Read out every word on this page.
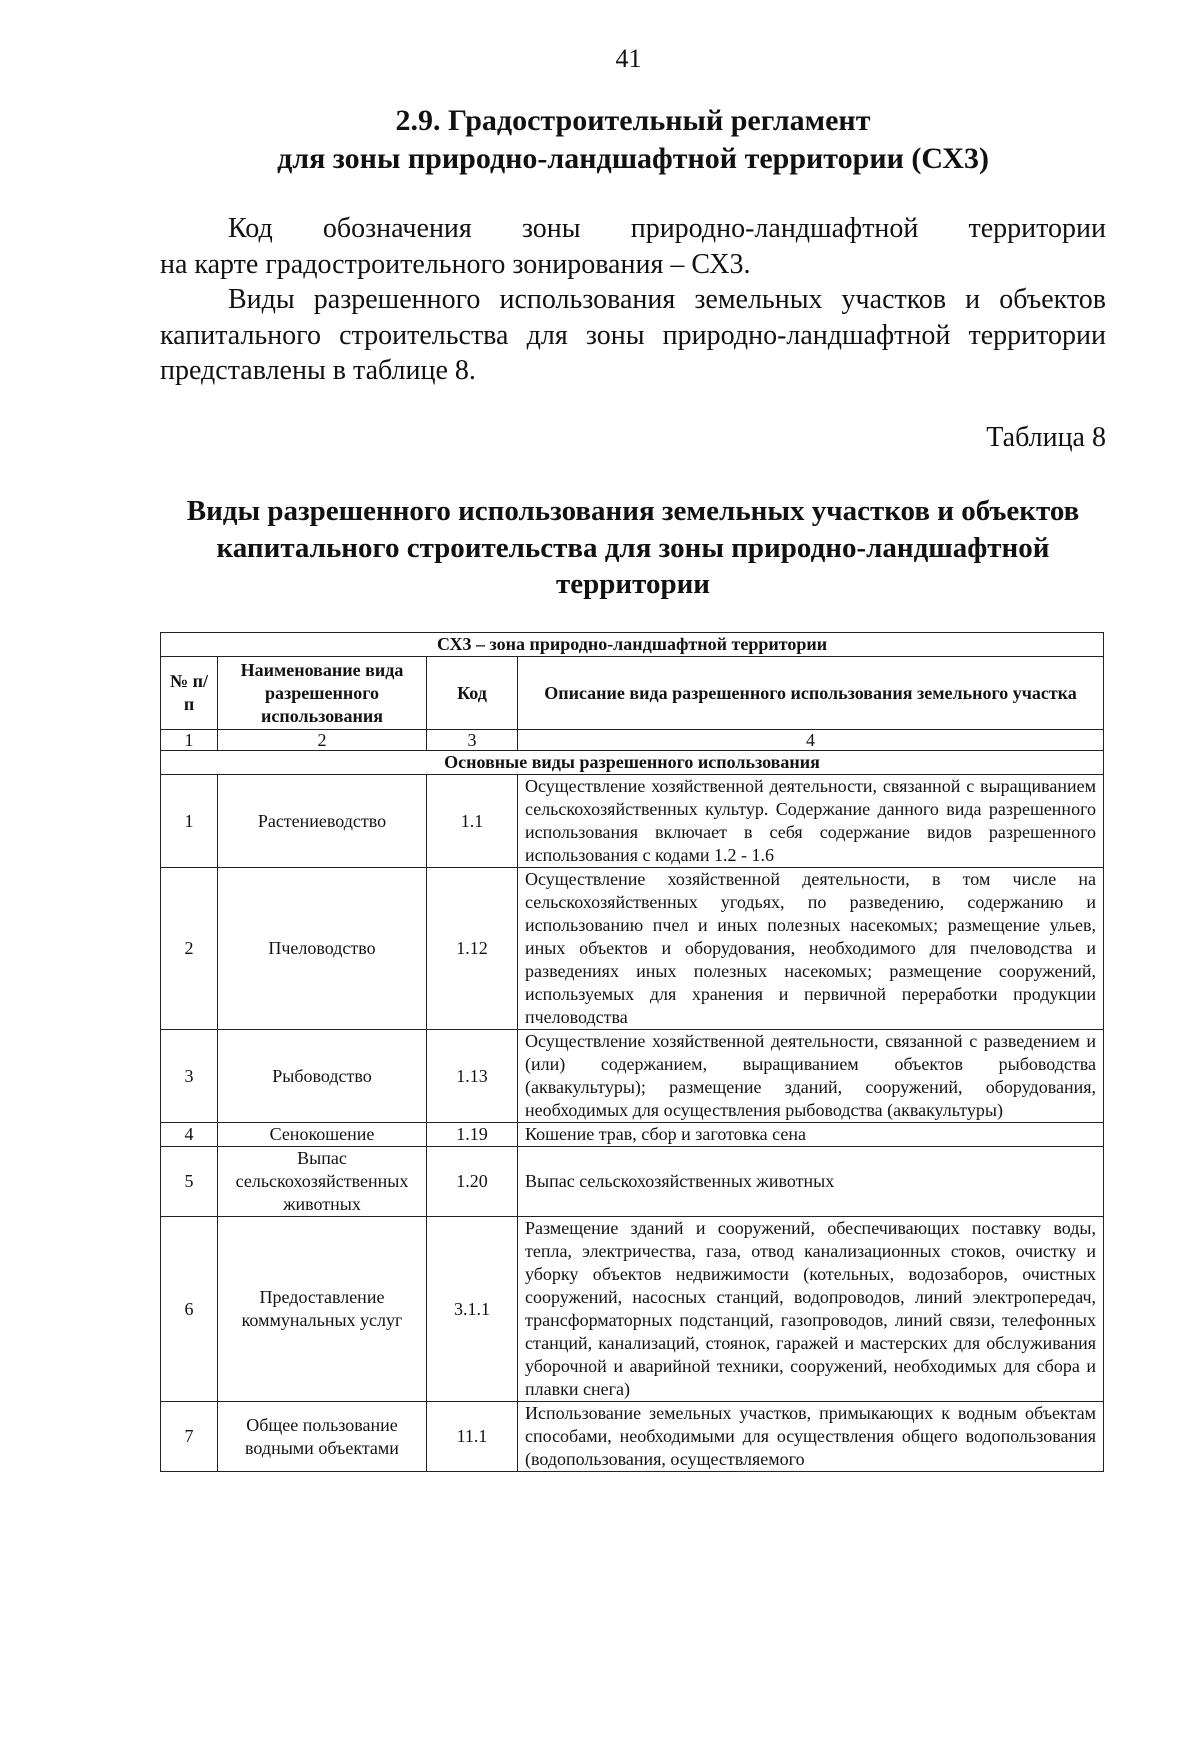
41
2.9. Градостроительный регламент
для зоны природно-ландшафтной территории (СХ3)
Код обозначения зоны природно-ландшафтной территории
на карте градостроительного зонирования – СХ3.
Виды разрешенного использования земельных участков и объектов капитального строительства для зоны природно-ландшафтной территории представлены в таблице 8.
Таблица 8
Виды разрешенного использования земельных участков и объектов
капитального строительства для зоны природно-ландшафтной
территории
СХ3 – зона природно-ландшафтной территории			
№ п/п	Наименование вида разрешенного использования	Код	Описание вида разрешенного использования земельного участка
1	2	3	4
Основные виды разрешенного использования			
1	Растениеводство	1.1	Осуществление хозяйственной деятельности, связанной с выращиванием сельскохозяйственных культур. Содержание данного вида разрешенного использования включает в себя содержание видов разрешенного использования с кодами 1.2 - 1.6
2	Пчеловодство	1.12	Осуществление хозяйственной деятельности, в том числе на сельскохозяйственных угодьях, по разведению, содержанию и использованию пчел и иных полезных насекомых; размещение ульев, иных объектов и оборудования, необходимого для пчеловодства и разведениях иных полезных насекомых; размещение сооружений, используемых для хранения и первичной переработки продукции пчеловодства
3	Рыбоводство	1.13	Осуществление хозяйственной деятельности, связанной с разведением и (или) содержанием, выращиванием объектов рыбоводства (аквакультуры); размещение зданий, сооружений, оборудования, необходимых для осуществления рыбоводства (аквакультуры)
4	Сенокошение	1.19	Кошение трав, сбор и заготовка сена
5	Выпас сельскохозяйственных животных	1.20	Выпас сельскохозяйственных животных
6	Предоставление коммунальных услуг	3.1.1	Размещение зданий и сооружений, обеспечивающих поставку воды, тепла, электричества, газа, отвод канализационных стоков, очистку и уборку объектов недвижимости (котельных, водозаборов, очистных сооружений, насосных станций, водопроводов, линий электропередач, трансформаторных подстанций, газопроводов, линий связи, телефонных станций, канализаций, стоянок, гаражей и мастерских для обслуживания уборочной и аварийной техники, сооружений, необходимых для сбора и плавки снега)
7	Общее пользование водными объектами	11.1	Использование земельных участков, примыкающих к водным объектам способами, необходимыми для осуществления общего водопользования (водопользования, осуществляемого
